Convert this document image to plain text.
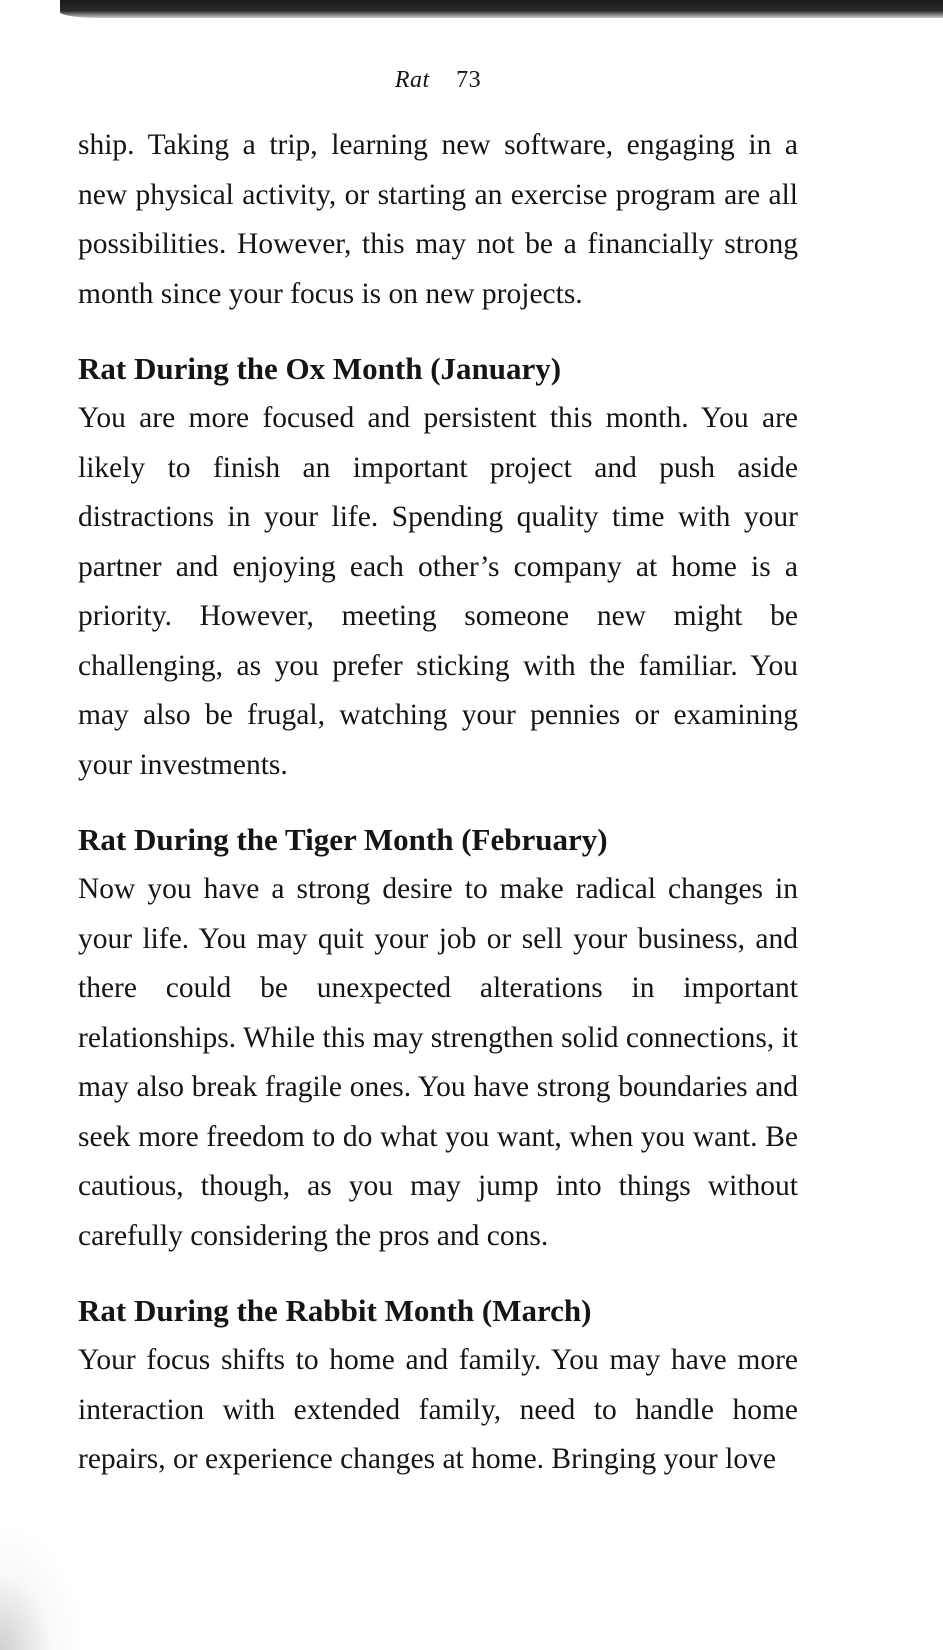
Rat 73

ship. Taking a trip, learning new software, engaging in a new physical activity, or starting an exercise program are all possibilities. However, this may not be a financially strong month since your focus is on new projects.

Rat During the Ox Month (January)

You are more focused and persistent this month. You are likely to finish an important project and push aside distractions in your life. Spending quality time with your partner and enjoying each other’s company at home is a priority. However, meeting someone new might be challenging, as you prefer sticking with the familiar. You may also be frugal, watching your pennies or examining your investments.

Rat During the Tiger Month (February)

Now you have a strong desire to make radical changes in your life. You may quit your job or sell your business, and there could be unexpected alterations in important relationships. While this may strengthen solid connections, it may also break fragile ones. You have strong boundaries and seek more freedom to do what you want, when you want. Be cautious, though, as you may jump into things without carefully considering the pros and cons.

Rat During the Rabbit Month (March)

Your focus shifts to home and family. You may have more interaction with extended family, need to handle home repairs, or experience changes at home. Bringing your love
